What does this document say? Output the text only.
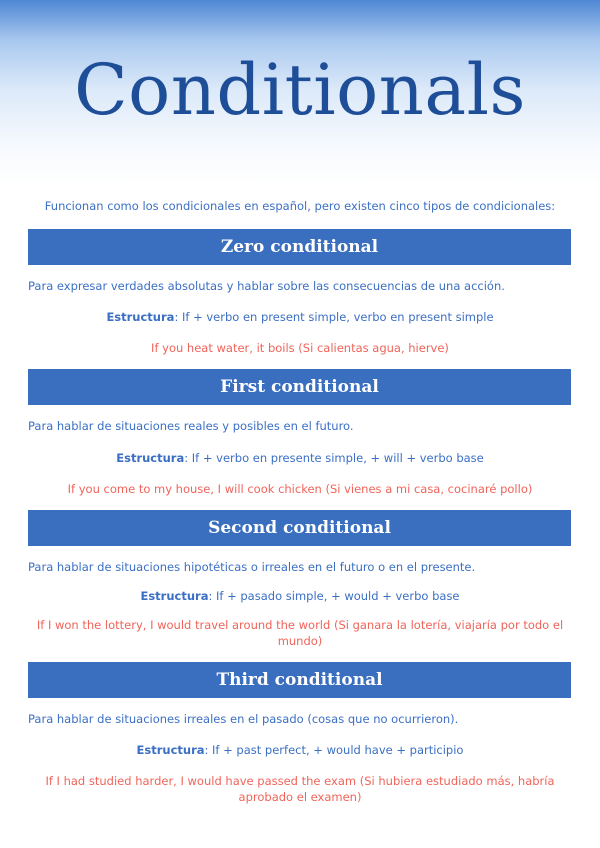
Conditionals
Funcionan como los condicionales en español, pero existen cinco tipos de condicionales:
Zero conditional
Para expresar verdades absolutas y hablar sobre las consecuencias de una acción.
Estructura: If + verbo en present simple, verbo en present simple
If you heat water, it boils (Si calientas agua, hierve)
First conditional
Para hablar de situaciones reales y posibles en el futuro.
Estructura: If + verbo en presente simple, + will + verbo base
If you come to my house, I will cook chicken (Si vienes a mi casa, cocinaré pollo)
Second conditional
Para hablar de situaciones hipotéticas o irreales en el futuro o en el presente.
Estructura: If + pasado simple, + would + verbo base
If I won the lottery, I would travel around the world (Si ganara la lotería, viajaría por todo el mundo)
Third conditional
Para hablar de situaciones irreales en el pasado (cosas que no ocurrieron).
Estructura: If + past perfect, + would have + participio
If I had studied harder, I would have passed the exam (Si hubiera estudiado más, habría aprobado el examen)
